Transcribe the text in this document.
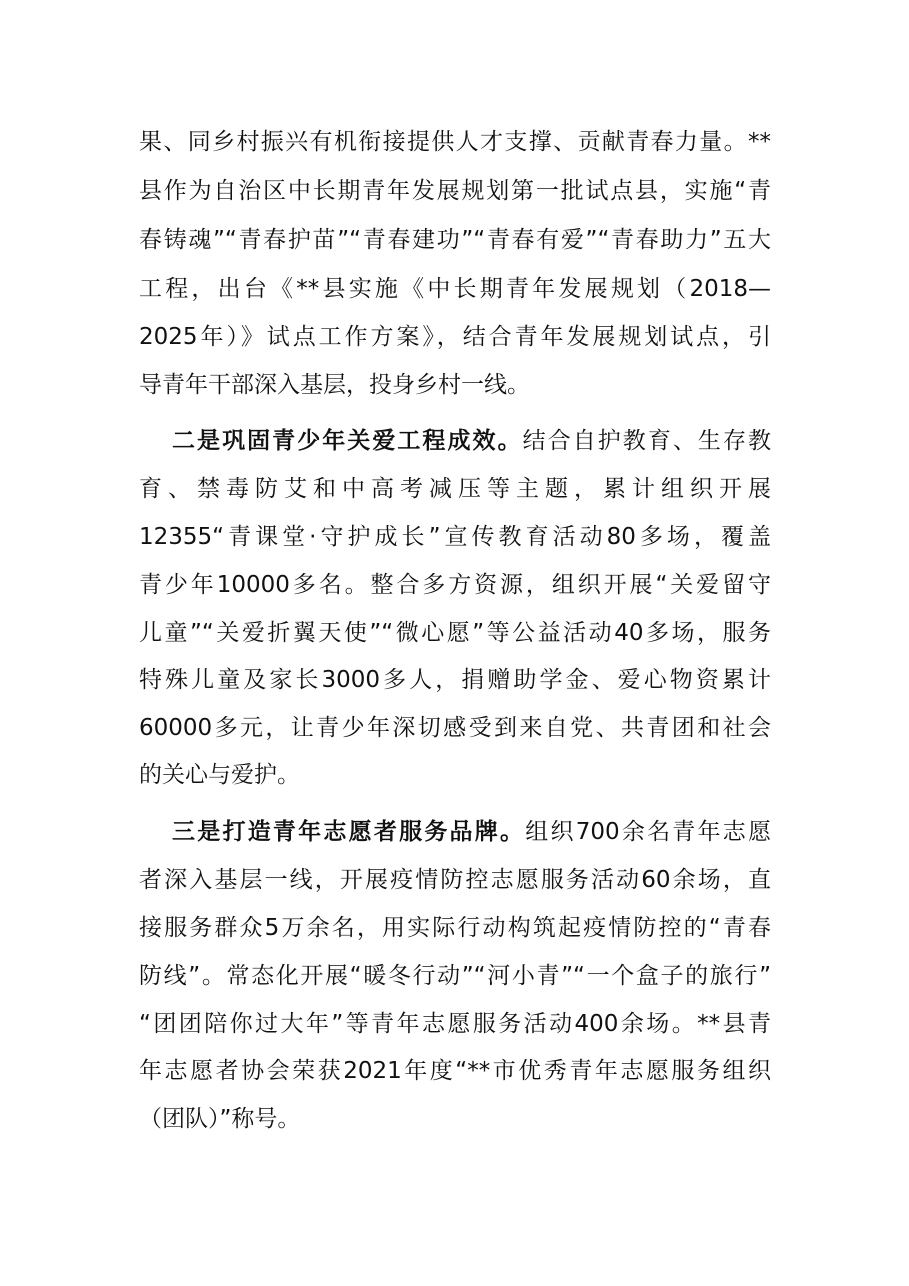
果、同乡村振兴有机衔接提供人才支撑、贡献青春力量。**
县作为自治区中长期青年发展规划第一批试点县，实施“青
春铸魂”“青春护苗”“青春建功”“青春有爱”“青春助力”五大
工程，出台《**县实施《中长期青年发展规划（2018—
2025年）》试点工作方案》，结合青年发展规划试点，引
导青年干部深入基层，投身乡村一线。
二是巩固青少年关爱工程成效。结合自护教育、生存教
育、禁毒防艾和中高考减压等主题，累计组织开展
12355“青课堂·守护成长”宣传教育活动80多场，覆盖
青少年10000多名。整合多方资源，组织开展“关爱留守
儿童”“关爱折翼天使”“微心愿”等公益活动40多场，服务
特殊儿童及家长3000多人，捐赠助学金、爱心物资累计
60000多元，让青少年深切感受到来自党、共青团和社会
的关心与爱护。
三是打造青年志愿者服务品牌。组织700余名青年志愿
者深入基层一线，开展疫情防控志愿服务活动60余场，直
接服务群众5万余名，用实际行动构筑起疫情防控的“青春
防线”。常态化开展“暖冬行动”“河小青”“一个盒子的旅行”
“团团陪你过大年”等青年志愿服务活动400余场。**县青
年志愿者协会荣获2021年度“**市优秀青年志愿服务组织
（团队）”称号。
